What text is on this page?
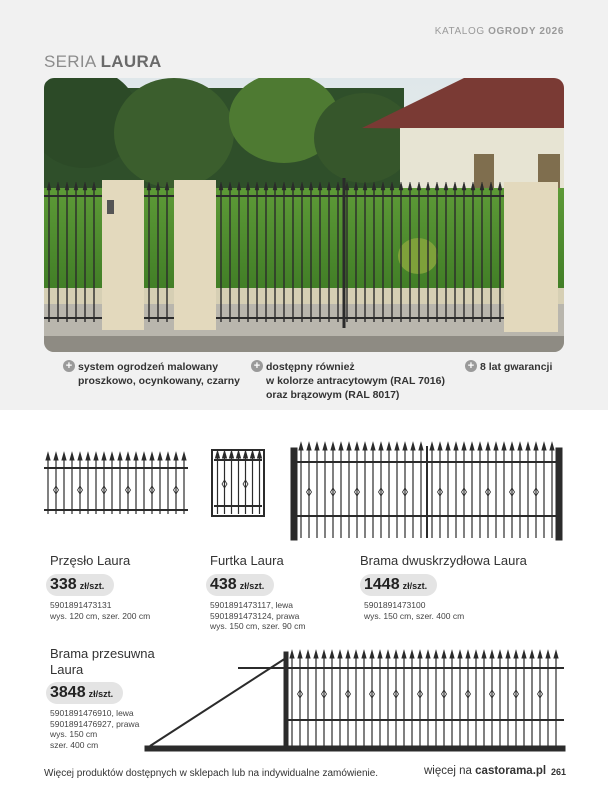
KATALOG OGRODY 2026
SERIA LAURA
+ system ogrodzeń malowany
proszkowo, ocynkowany, czarny
+ dostępny również
w kolorze antracytowym (RAL 7016)
oraz brązowym (RAL 8017)
+ 8 lat gwarancji
Przęsło Laura
338 zł/szt.
5901891473131
wys. 120 cm, szer. 200 cm
Furtka Laura
438 zł/szt.
5901891473117, lewa
5901891473124, prawa
wys. 150 cm, szer. 90 cm
Brama dwuskrzydłowa Laura
1448 zł/szt.
5901891473100
wys. 150 cm, szer. 400 cm
Brama przesuwna
Laura
3848 zł/szt.
5901891476910, lewa
5901891476927, prawa
wys. 150 cm
szer. 400 cm
Więcej produktów dostępnych w sklepach lub na indywidualne zamówienie.	więcej na castorama.pl 261
